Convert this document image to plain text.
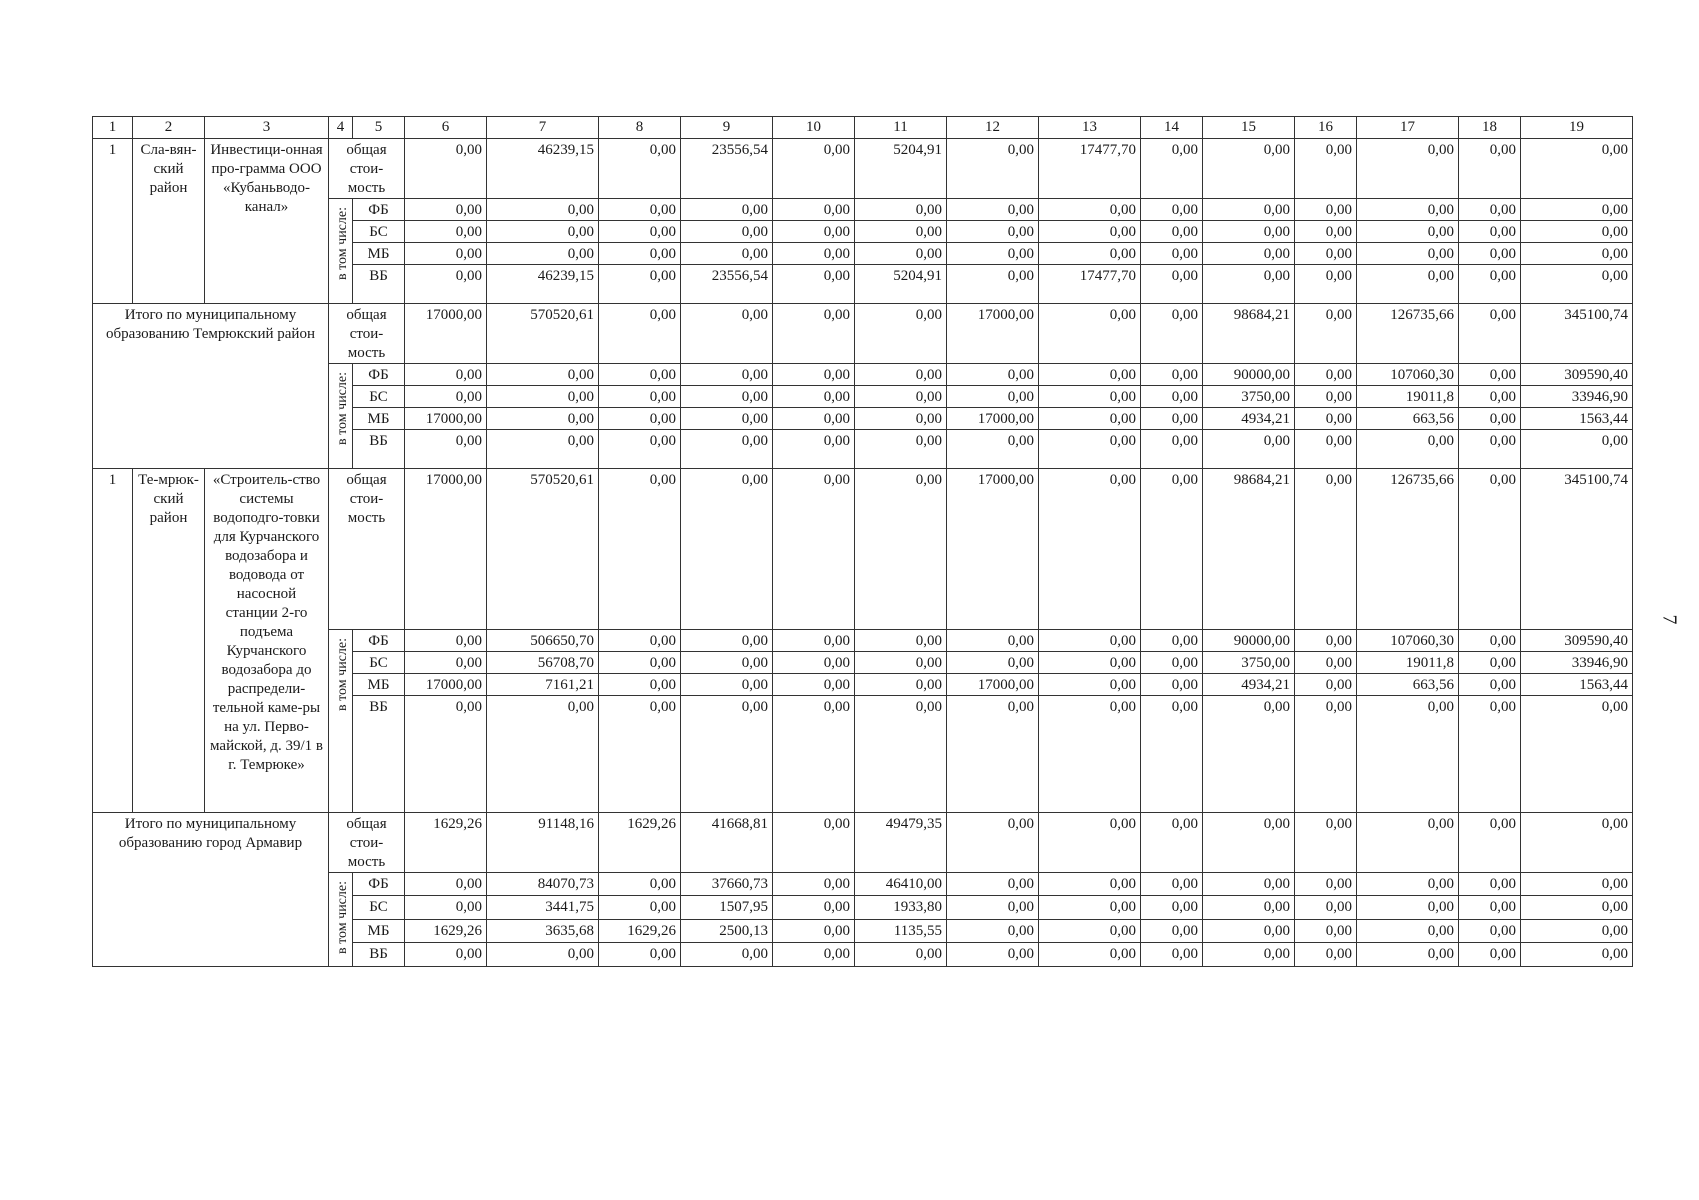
1	2	3	4	5	6	7	8	9	10	11	12	13	14	15	16	17	18	19
1	Сла-вян-ский район	Инвестици-онная про-грамма ООО «Кубаньводо-канал»	общая стои-мость		0,00	46239,15	0,00	23556,54	0,00	5204,91	0,00	17477,70	0,00	0,00	0,00	0,00	0,00	0,00
			в том числе:	ФБ	0,00	0,00	0,00	0,00	0,00	0,00	0,00	0,00	0,00	0,00	0,00	0,00	0,00	0,00
				БС	0,00	0,00	0,00	0,00	0,00	0,00	0,00	0,00	0,00	0,00	0,00	0,00	0,00	0,00
				МБ	0,00	0,00	0,00	0,00	0,00	0,00	0,00	0,00	0,00	0,00	0,00	0,00	0,00	0,00
				ВБ	0,00	46239,15	0,00	23556,54	0,00	5204,91	0,00	17477,70	0,00	0,00	0,00	0,00	0,00	0,00
Итого по муниципальному образованию Темрюкский район			общая стои-мость		17000,00	570520,61	0,00	0,00	0,00	0,00	17000,00	0,00	0,00	98684,21	0,00	126735,66	0,00	345100,74
			в том числе:	ФБ	0,00	0,00	0,00	0,00	0,00	0,00	0,00	0,00	0,00	90000,00	0,00	107060,30	0,00	309590,40
				БС	0,00	0,00	0,00	0,00	0,00	0,00	0,00	0,00	0,00	3750,00	0,00	19011,8	0,00	33946,90
				МБ	17000,00	0,00	0,00	0,00	0,00	0,00	17000,00	0,00	0,00	4934,21	0,00	663,56	0,00	1563,44
				ВБ	0,00	0,00	0,00	0,00	0,00	0,00	0,00	0,00	0,00	0,00	0,00	0,00	0,00	0,00
1	Те-мрюк-ский район	«Строитель-ство системы водоподго-товки для Курчанского водозабора и водовода от насосной станции 2-го подъема Курчанского водозабора до распредели-тельной каме-ры на ул. Перво-майской, д. 39/1 в г. Темрюке»	общая стои-мость		17000,00	570520,61	0,00	0,00	0,00	0,00	17000,00	0,00	0,00	98684,21	0,00	126735,66	0,00	345100,74
			в том числе:	ФБ	0,00	506650,70	0,00	0,00	0,00	0,00	0,00	0,00	0,00	90000,00	0,00	107060,30	0,00	309590,40
				БС	0,00	56708,70	0,00	0,00	0,00	0,00	0,00	0,00	0,00	3750,00	0,00	19011,8	0,00	33946,90
				МБ	17000,00	7161,21	0,00	0,00	0,00	0,00	17000,00	0,00	0,00	4934,21	0,00	663,56	0,00	1563,44
				ВБ	0,00	0,00	0,00	0,00	0,00	0,00	0,00	0,00	0,00	0,00	0,00	0,00	0,00	0,00
Итого по муниципальному образованию город Армавир			общая стои-мость		1629,26	91148,16	1629,26	41668,81	0,00	49479,35	0,00	0,00	0,00	0,00	0,00	0,00	0,00	0,00
			в том числе:	ФБ	0,00	84070,73	0,00	37660,73	0,00	46410,00	0,00	0,00	0,00	0,00	0,00	0,00	0,00	0,00
				БС	0,00	3441,75	0,00	1507,95	0,00	1933,80	0,00	0,00	0,00	0,00	0,00	0,00	0,00	0,00
				МБ	1629,26	3635,68	1629,26	2500,13	0,00	1135,55	0,00	0,00	0,00	0,00	0,00	0,00	0,00	0,00
				ВБ	0,00	0,00	0,00	0,00	0,00	0,00	0,00	0,00	0,00	0,00	0,00	0,00	0,00	0,00
7
